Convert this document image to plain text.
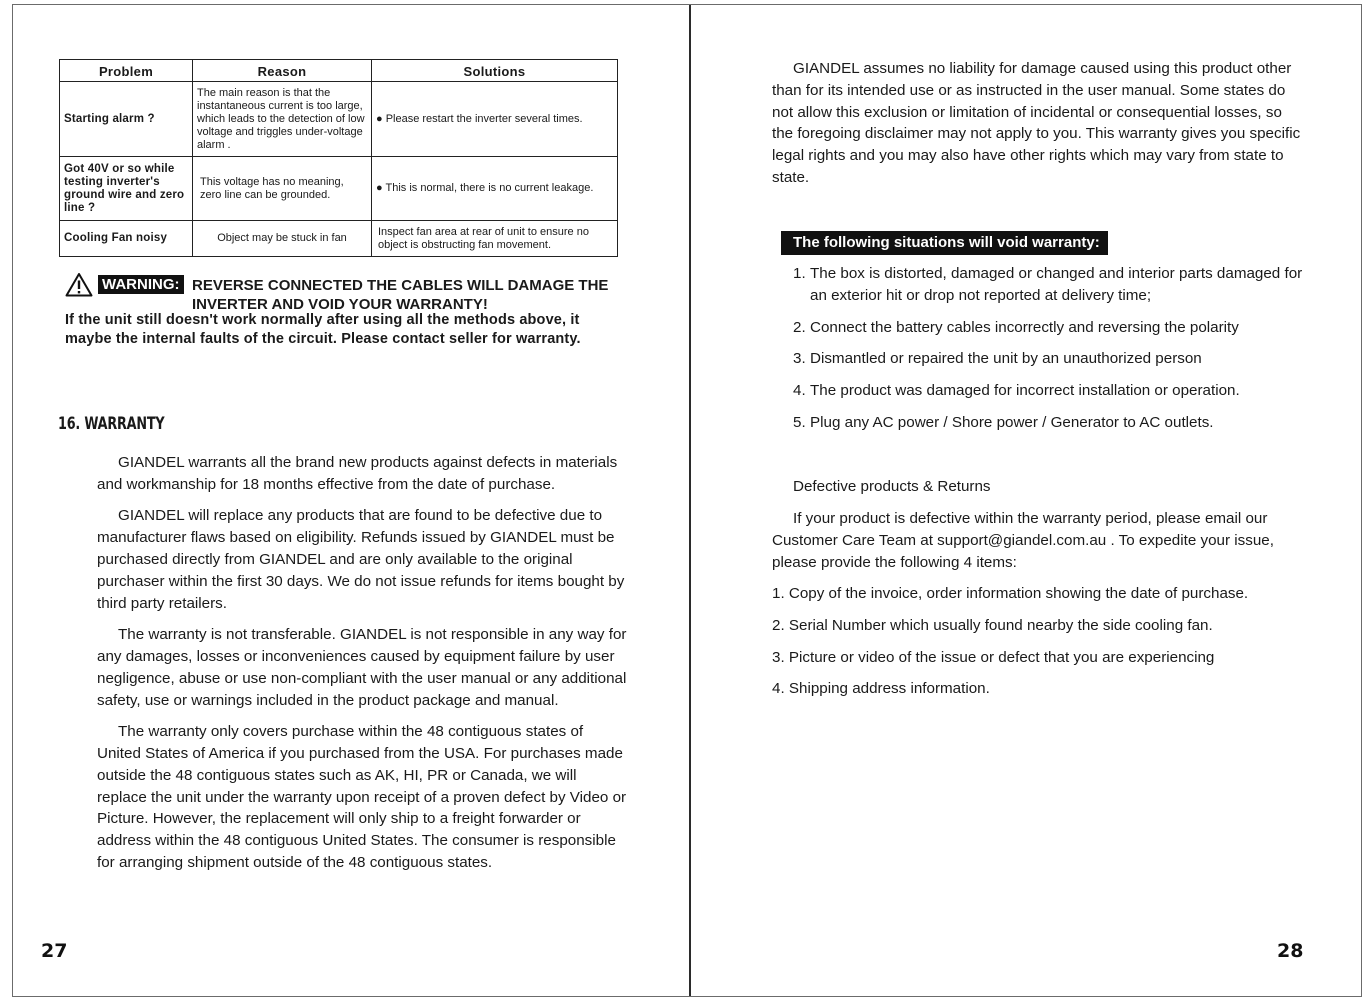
Problem	Reason	Solutions
Starting alarm ?	The main reason is that the instantaneous current is too large, which leads to the detection of low voltage and triggles under-voltage alarm .	● Please restart the inverter several times.
Got 40V or so while testing inverter's ground wire and zero line ?	This voltage has no meaning, zero line can be grounded.	● This is normal, there is no current leakage.
Cooling Fan noisy	Object may be stuck in fan	Inspect fan area at rear of unit to ensure no object is obstructing fan movement.
WARNING: REVERSE CONNECTED THE CABLES WILL DAMAGE THE INVERTER AND VOID YOUR WARRANTY!
If the unit still doesn't work normally after using all the methods above, it maybe the internal faults of the circuit. Please contact seller for warranty.
16. WARRANTY

GIANDEL warrants all the brand new products against defects in materials and workmanship for 18 months effective from the date of purchase.

GIANDEL will replace any products that are found to be defective due to manufacturer flaws based on eligibility. Refunds issued by GIANDEL must be purchased directly from GIANDEL and are only available to the original purchaser within the first 30 days. We do not issue refunds for items bought by third party retailers.

The warranty is not transferable. GIANDEL is not responsible in any way for any damages, losses or inconveniences caused by equipment failure by user negligence, abuse or use non-compliant with the user manual or any additional safety, use or warnings included in the product package and manual.

The warranty only covers purchase within the 48 contiguous states of United States of America if you purchased from the USA. For purchases made outside the 48 contiguous states such as AK, HI, PR or Canada, we will replace the unit under the warranty upon receipt of a proven defect by Video or Picture. However, the replacement will only ship to a freight forwarder or address within the 48 contiguous United States. The consumer is responsible for arranging shipment outside of the 48 contiguous states.

27

GIANDEL assumes no liability for damage caused using this product other than for its intended use or as instructed in the user manual. Some states do not allow this exclusion or limitation of incidental or consequential losses, so the foregoing disclaimer may not apply to you. This warranty gives you specific legal rights and you may also have other rights which may vary from state to state.

The following situations will void warranty:
1. The box is distorted, damaged or changed and interior parts damaged for an exterior hit or drop not reported at delivery time;
2. Connect the battery cables incorrectly and reversing the polarity
3. Dismantled or repaired the unit by an unauthorized person
4. The product was damaged for incorrect installation or operation.
5. Plug any AC power / Shore power / Generator to AC outlets.
Defective products & Returns

If your product is defective within the warranty period, please email our Customer Care Team at support@giandel.com.au . To expedite your issue, please provide the following 4 items:

1. Copy of the invoice, order information showing the date of purchase.
2. Serial Number which usually found nearby the side cooling fan.
3. Picture or video of the issue or defect that you are experiencing
4. Shipping address information.
28
